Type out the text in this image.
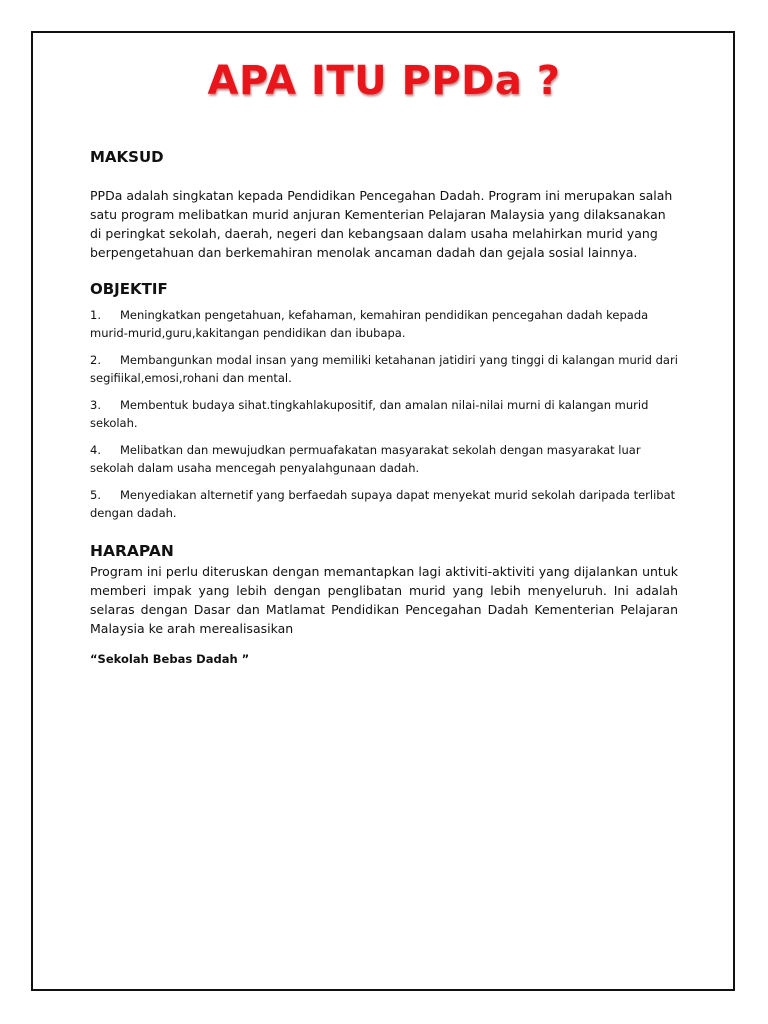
APA ITU PPDa ?
MAKSUD

PPDa adalah singkatan kepada Pendidikan Pencegahan Dadah. Program ini merupakan salah satu program melibatkan murid anjuran Kementerian Pelajaran Malaysia yang dilaksanakan di peringkat sekolah, daerah, negeri dan kebangsaan dalam usaha melahirkan murid yang berpengetahuan dan berkemahiran menolak ancaman dadah dan gejala sosial lainnya.

OBJEKTIF
1. Meningkatkan pengetahuan, kefahaman, kemahiran pendidikan pencegahan dadah kepada murid-murid,guru,kakitangan pendidikan dan ibubapa.
2. Membangunkan modal insan yang memiliki ketahanan jatidiri yang tinggi di kalangan murid dari segifiikal,emosi,rohani dan mental.
3. Membentuk budaya sihat.tingkahlakupositif, dan amalan nilai-nilai murni di kalangan murid sekolah.
4. Melibatkan dan mewujudkan permuafakatan masyarakat sekolah dengan masyarakat luar sekolah dalam usaha mencegah penyalahgunaan dadah.
5. Menyediakan alternetif yang berfaedah supaya dapat menyekat murid sekolah daripada terlibat dengan dadah.
HARAPAN

Program ini perlu diteruskan dengan memantapkan lagi aktiviti-aktiviti yang dijalankan untuk memberi impak yang lebih dengan penglibatan murid yang lebih menyeluruh. Ini adalah selaras dengan Dasar dan Matlamat Pendidikan Pencegahan Dadah Kementerian Pelajaran Malaysia ke arah merealisasikan

“Sekolah Bebas Dadah ”
